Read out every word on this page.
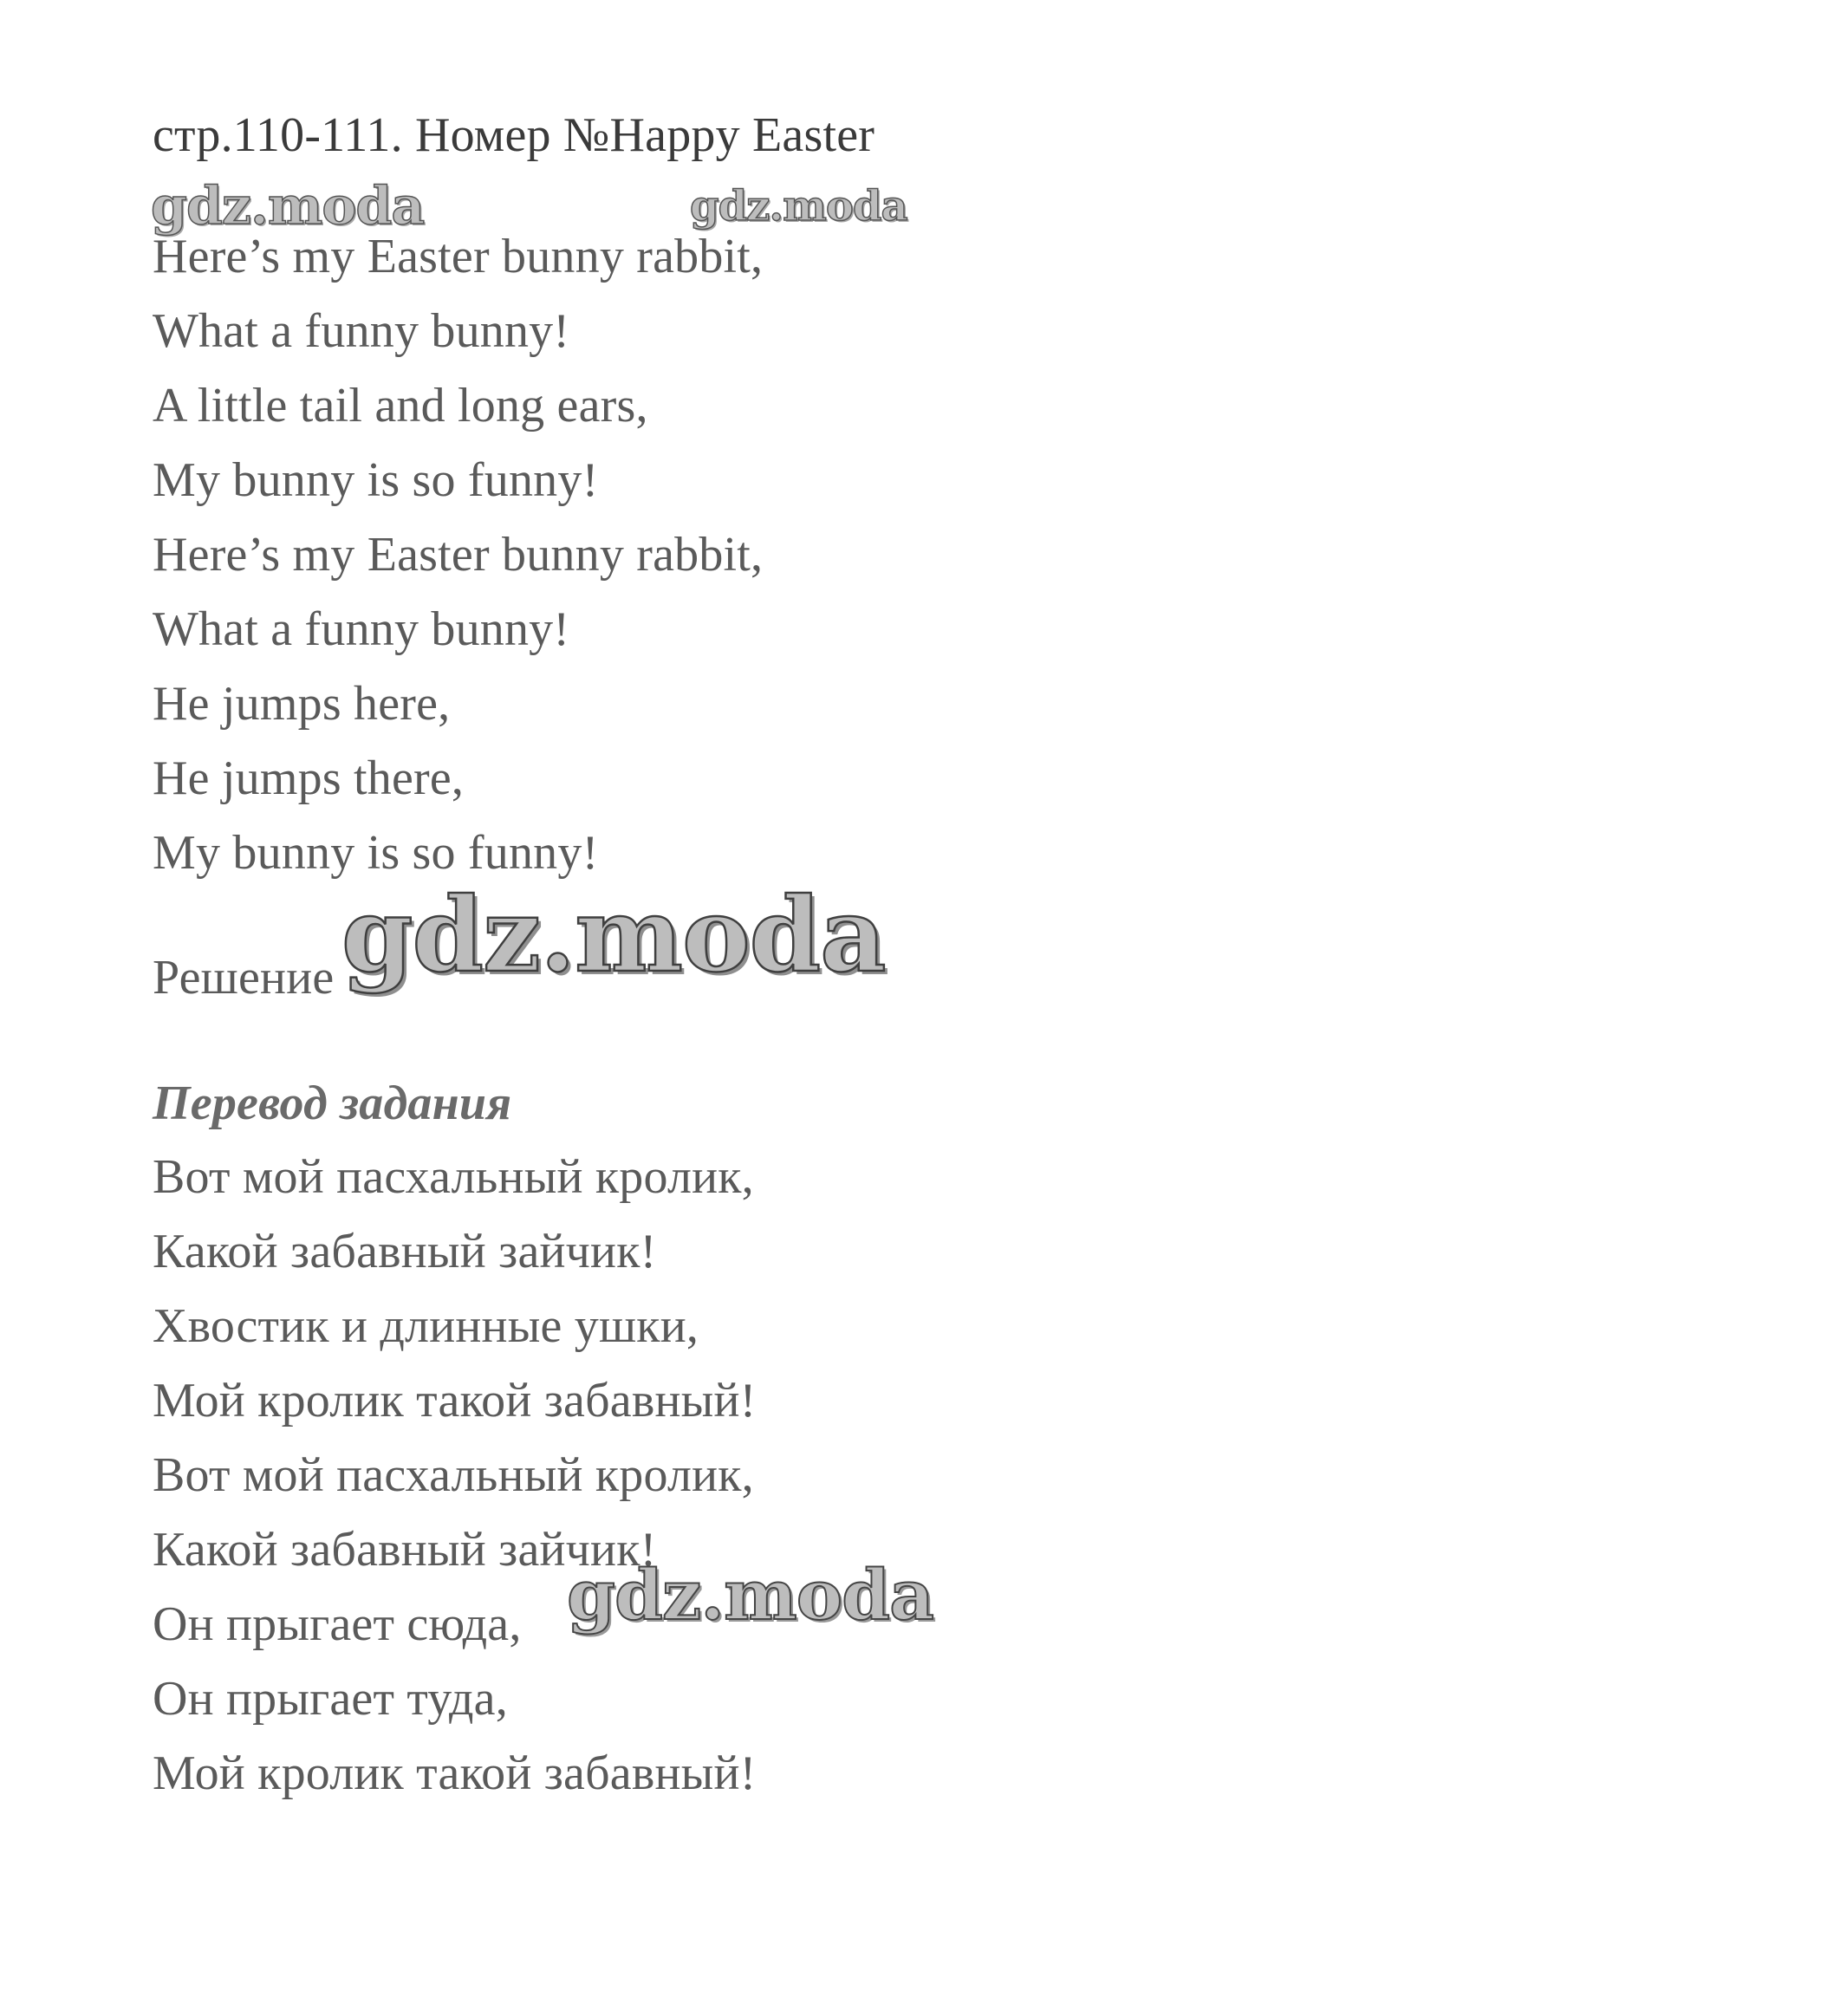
стр.110-111. Номер №Happy Easter
gdz.moda	gdz.moda
Here’s my Easter bunny rabbit,
What a funny bunny!
A little tail and long ears,
My bunny is so funny!
Here’s my Easter bunny rabbit,
What a funny bunny!
He jumps here,
He jumps there,
My bunny is so funny!
Решение gdz.moda
Перевод задания
Вот мой пасхальный кролик,
Какой забавный зайчик!
Хвостик и длинные ушки,
Мой кролик такой забавный!
Вот мой пасхальный кролик,
Какой забавный зайчик!
Он прыгает сюда,
Он прыгает туда,
Мой кролик такой забавный!
gdz.moda
